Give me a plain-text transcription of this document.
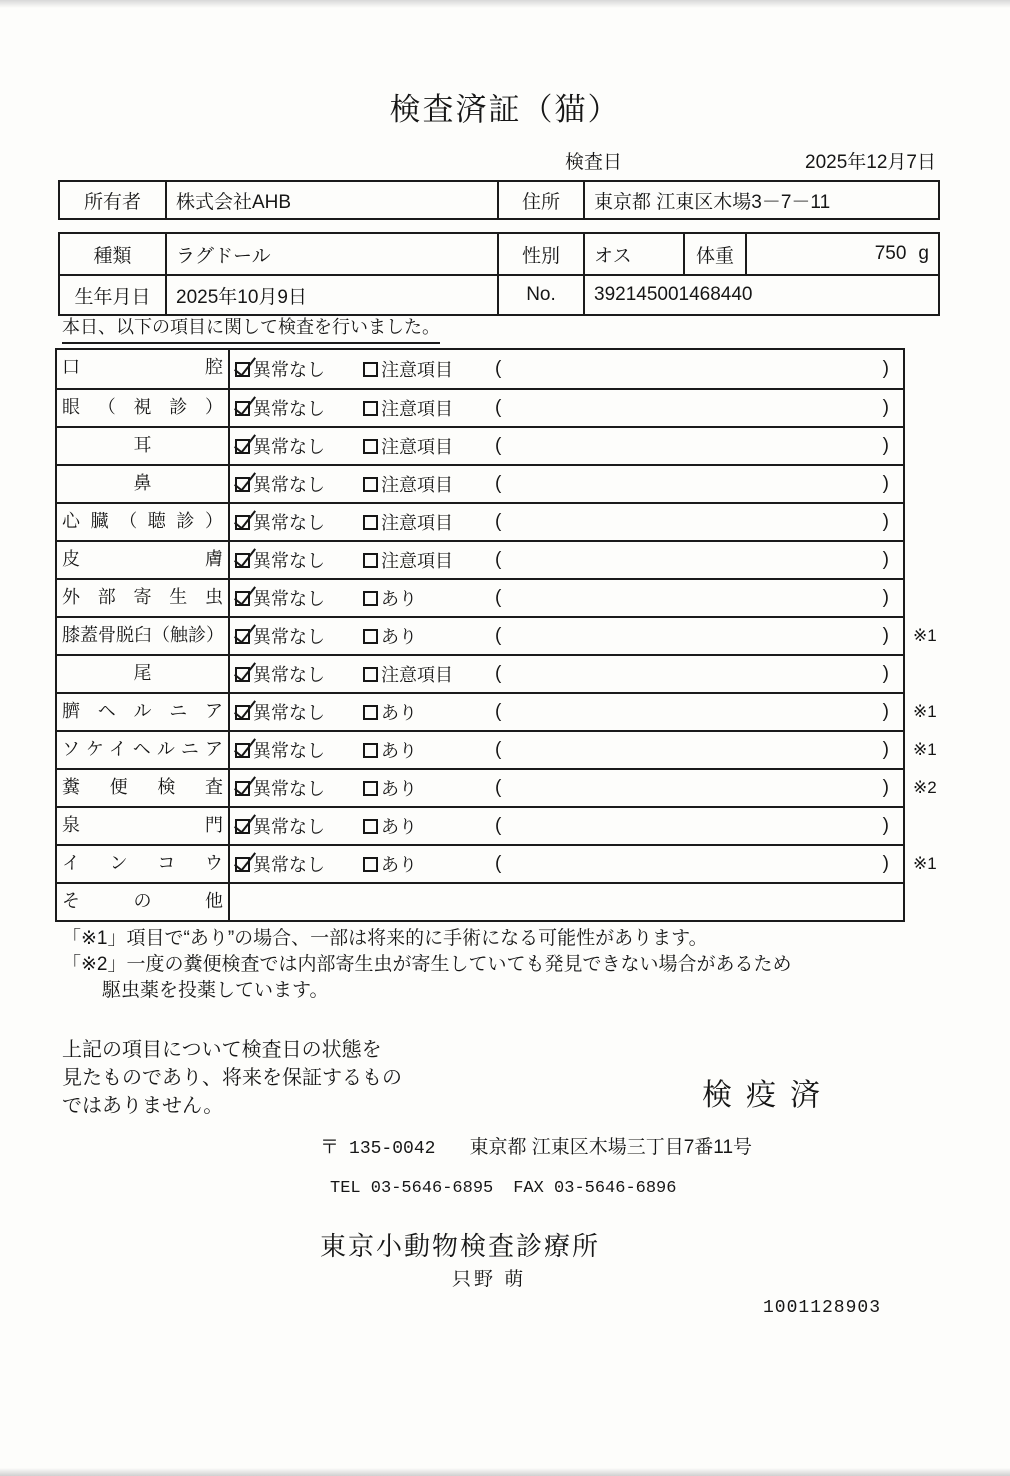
検査済証（猫）
検査日	2025年12月7日
所有者	株式会社AHB	住所	東京都 江東区木場3－7－11
種類	ラグドール	性別	オス	体重	750 g
生年月日	2025年10月9日	No.	392145001468440
本日、以下の項目に関して検査を行いました。
口腔	異常なし	注意項目 (	)
眼（視診）	異常なし	注意項目 (	)
耳	異常なし	注意項目 (	)
鼻	異常なし	注意項目 (	)
心臓（聴診）	異常なし	注意項目 (	)
皮膚	異常なし	注意項目 (	)
外部寄生虫	異常なし	あり	(	)
膝蓋骨脱臼（触診）	異常なし	あり	(	) ※1
尾	異常なし	注意項目 (	)
臍ヘルニア	異常なし	あり	(	) ※1
ソケイヘルニア	異常なし	あり	(	) ※1
糞便検査	異常なし	あり	(	) ※2
泉門	異常なし	あり	(	)
インコウ	異常なし	あり	(	) ※1
その他
「※1」項目で“あり”の場合、一部は将来的に手術になる可能性があります。
「※2」一度の糞便検査では内部寄生虫が寄生していても発見できない場合があるため
駆虫薬を投薬しています。
上記の項目について検査日の状態を
見たものであり、将来を保証するもの
ではありません。	検疫済
〒 135-0042 東京都 江東区木場三丁目7番11号
TEL 03-5646-6895 FAX 03-5646-6896
東京小動物検査診療所
只野 萌
1001128903
